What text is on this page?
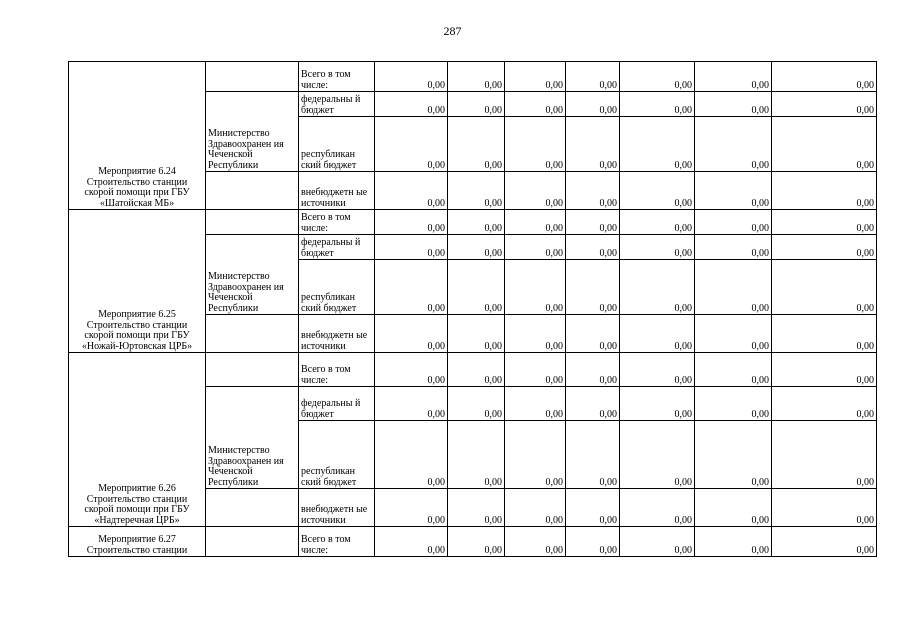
287
Мероприятие 6.24 Строительство станции скорой помощи при ГБУ «Шатойская МБ»		Всего в том числе:	0,00	0,00	0,00	0,00	0,00	0,00	0,00
	Министерство Здравоохранен ия Чеченской Республики	федеральны й бюджет	0,00	0,00	0,00	0,00	0,00	0,00	0,00
		республикан ский бюджет	0,00	0,00	0,00	0,00	0,00	0,00	0,00
		внебюджетн ые источники	0,00	0,00	0,00	0,00	0,00	0,00	0,00
Мероприятие 6.25 Строительство станции скорой помощи при ГБУ «Ножай-Юртовская ЦРБ»		Всего в том числе:	0,00	0,00	0,00	0,00	0,00	0,00	0,00
	Министерство Здравоохранен ия Чеченской Республики	федеральны й бюджет	0,00	0,00	0,00	0,00	0,00	0,00	0,00
		республикан ский бюджет	0,00	0,00	0,00	0,00	0,00	0,00	0,00
		внебюджетн ые источники	0,00	0,00	0,00	0,00	0,00	0,00	0,00
Мероприятие 6.26 Строительство станции скорой помощи при ГБУ «Надтеречная ЦРБ»		Всего в том числе:	0,00	0,00	0,00	0,00	0,00	0,00	0,00
	Министерство Здравоохранен ия Чеченской Республики	федеральны й бюджет	0,00	0,00	0,00	0,00	0,00	0,00	0,00
		республикан ский бюджет	0,00	0,00	0,00	0,00	0,00	0,00	0,00
		внебюджетн ые источники	0,00	0,00	0,00	0,00	0,00	0,00	0,00
Мероприятие 6.27 Строительство станции		Всего в том числе:	0,00	0,00	0,00	0,00	0,00	0,00	0,00
